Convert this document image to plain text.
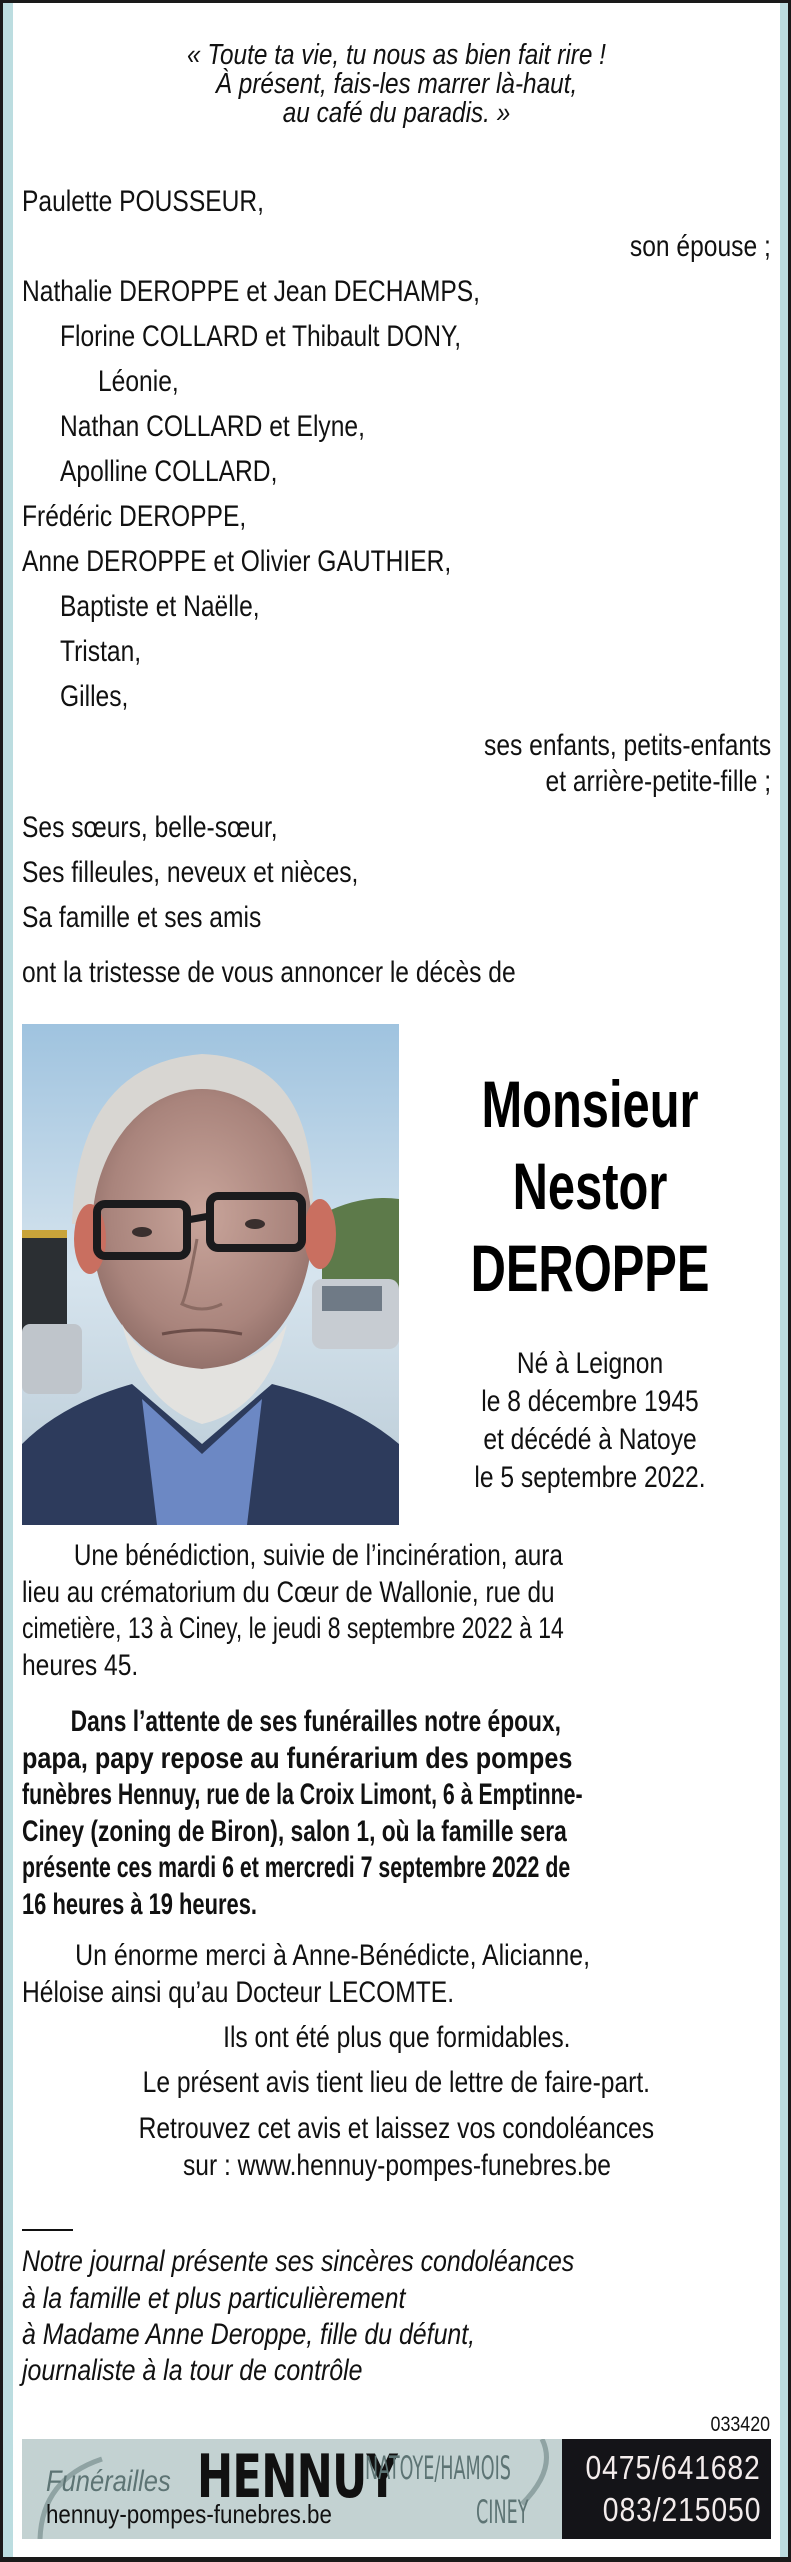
« Toute ta vie, tu nous as bien fait rire !
À présent, fais-les marrer là-haut,
au café du paradis. »
Paulette POUSSEUR,
son épouse ;
Nathalie DEROPPE et Jean DECHAMPS,
Florine COLLARD et Thibault DONY,
Léonie,
Nathan COLLARD et Elyne,
Apolline COLLARD,
Frédéric DEROPPE,
Anne DEROPPE et Olivier GAUTHIER,
Baptiste et Naëlle,
Tristan,
Gilles,
ses enfants, petits-enfants
et arrière-petite-fille ;
Ses sœurs, belle-sœur,
Ses filleules, neveux et nièces,
Sa famille et ses amis
ont la tristesse de vous annoncer le décès de
Monsieur
Nestor
DEROPPE
Né à Leignon
le 8 décembre 1945
et décédé à Natoye
le 5 septembre 2022.
Une bénédiction, suivie de l’incinération, aura
lieu au crématorium du Cœur de Wallonie, rue du
cimetière, 13 à Ciney, le jeudi 8 septembre 2022 à 14
heures 45.
Dans l’attente de ses funérailles notre époux,
papa, papy repose au funérarium des pompes
funèbres Hennuy, rue de la Croix Limont, 6 à Emptinne-
Ciney (zoning de Biron), salon 1, où la famille sera
présente ces mardi 6 et mercredi 7 septembre 2022 de
16 heures à 19 heures.
Un énorme merci à Anne-Bénédicte, Alicianne,
Héloise ainsi qu’au Docteur LECOMTE.
Ils ont été plus que formidables.
Le présent avis tient lieu de lettre de faire-part.
Retrouvez cet avis et laissez vos condoléances
sur : www.hennuy-pompes-funebres.be
Notre journal présente ses sincères condoléances
à la famille et plus particulièrement
à Madame Anne Deroppe, fille du défunt,
journaliste à la tour de contrôle
033420
Funérailles HENNUY
NATOYE/HAMOIS
CINEY
hennuy-pompes-funebres.be
0475/641682
083/215050
